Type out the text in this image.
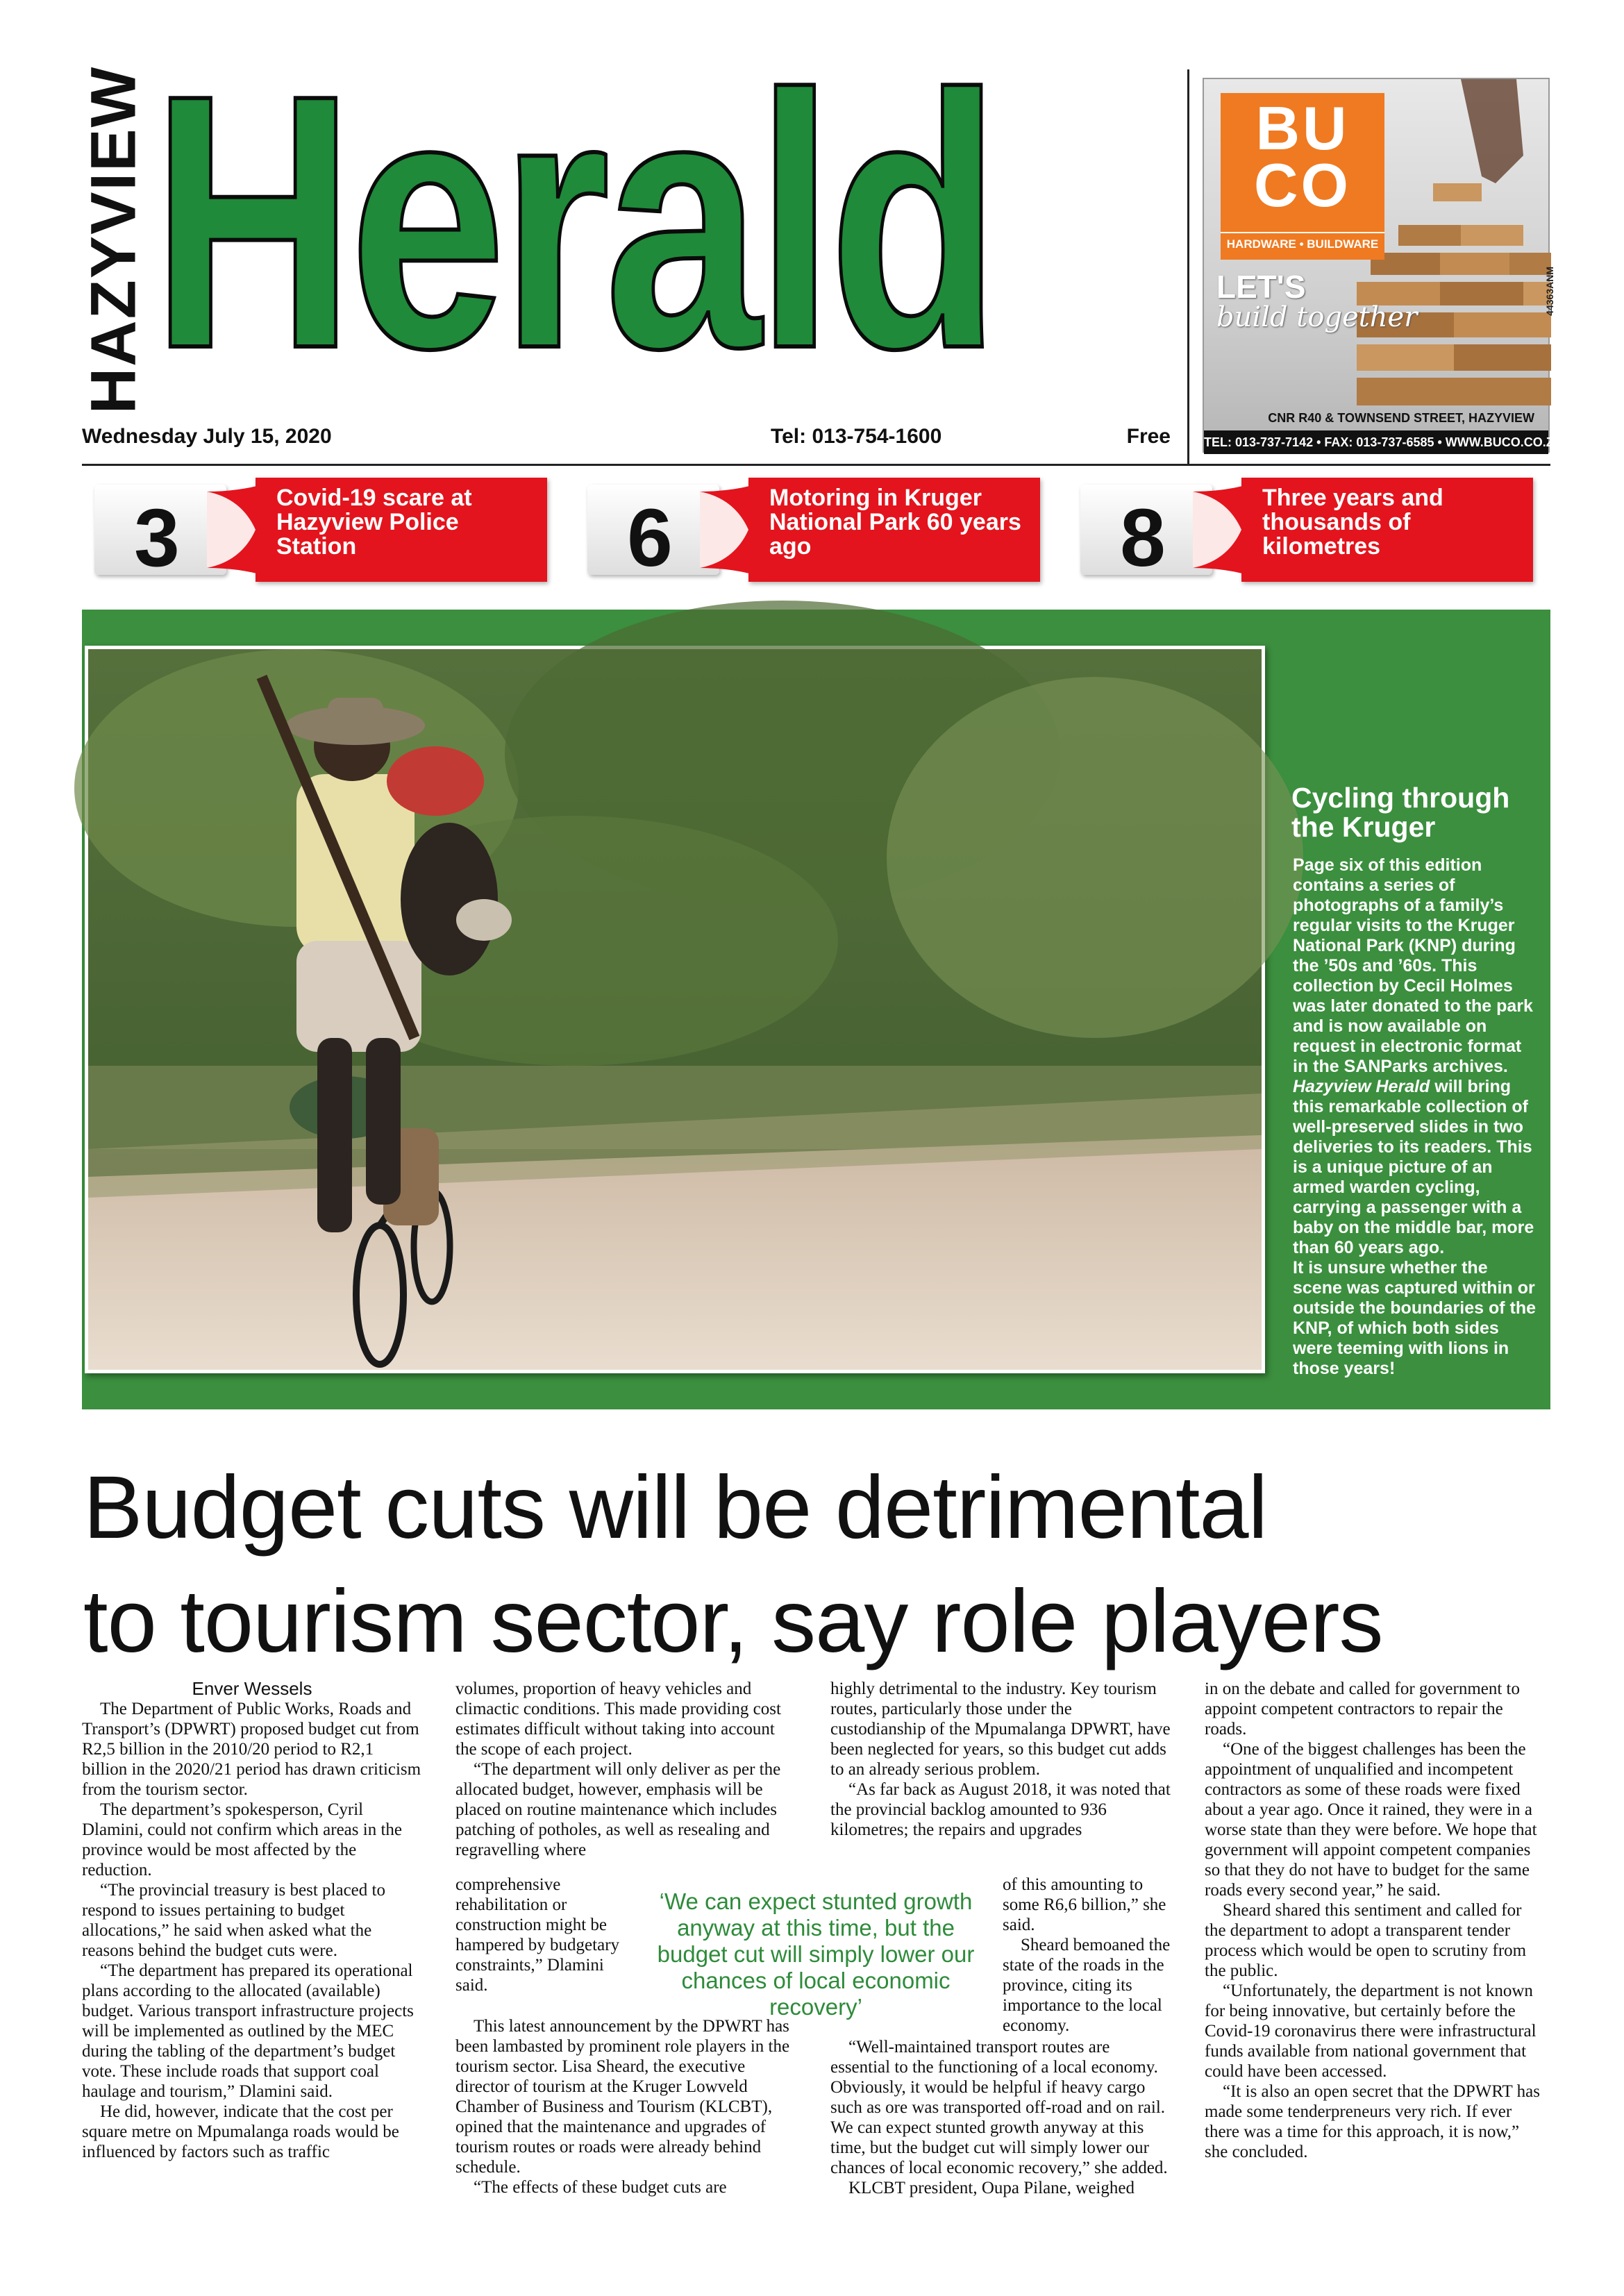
HAZYVIEW Herald
Wednesday July 15, 2020	Tel: 013-754-1600	Free
BU
CO
HARDWARE • BUILDWARE
LET'S
build together
44363ANM
CNR R40 & TOWNSEND STREET, HAZYVIEW
TEL: 013-737-7142 • FAX: 013-737-6585 • WWW.BUCO.CO.ZA
3	Covid-19 scare at Hazyview Police Station	6	Motoring in Kruger National Park 60 years ago	8	Three years and thousands of kilometres
Cycling through the Kruger
Page six of this edition contains a series of photographs of a family’s regular visits to the Kruger National Park (KNP) during the ’50s and ’60s. This collection by Cecil Holmes was later donated to the park and is now available on request in electronic format in the SANParks archives. Hazyview Herald will bring this remarkable collection of well-preserved slides in two deliveries to its readers. This is a unique picture of an armed warden cycling, carrying a passenger with a baby on the middle bar, more than 60 years ago.
It is unsure whether the scene was captured within or outside the boundaries of the KNP, of which both sides were teeming with lions in those years!
Budget cuts will be detrimental
to tourism sector, say role players

Enver Wessels

The Department of Public Works, Roads and Transport’s (DPWRT) proposed budget cut from R2,5 billion in the 2010/20 period to R2,1 billion in the 2020/21 period has drawn criticism from the tourism sector.

The department’s spokesperson, Cyril Dlamini, could not confirm which areas in the province would be most affected by the reduction.

“The provincial treasury is best placed to respond to issues pertaining to budget allocations,” he said when asked what the reasons behind the budget cuts were.

“The department has prepared its operational plans according to the allocated (available) budget. Various transport infrastructure projects will be implemented as outlined by the MEC during the tabling of the department’s budget vote. These include roads that support coal haulage and tourism,” Dlamini said.

He did, however, indicate that the cost per square metre on Mpumalanga roads would be influenced by factors such as traffic

volumes, proportion of heavy vehicles and climactic conditions. This made providing cost estimates difficult without taking into account the scope of each project.

“The department will only deliver as per the allocated budget, however, emphasis will be placed on routine maintenance which includes patching of potholes, as well as resealing and regravelling where

comprehensive rehabilitation or construction might be hampered by budgetary constraints,” Dlamini said.

This latest announcement by the DPWRT has been lambasted by prominent role players in the tourism sector. Lisa Sheard, the executive director of tourism at the Kruger Lowveld Chamber of Business and Tourism (KLCBT), opined that the maintenance and upgrades of tourism routes or roads were already behind schedule.

“The effects of these budget cuts are

‘We can expect stunted growth anyway at this time, but the budget cut will simply lower our chances of local economic recovery’

highly detrimental to the industry. Key tourism routes, particularly those under the custodianship of the Mpumalanga DPWRT, have been neglected for years, so this budget cut adds to an already serious problem.

“As far back as August 2018, it was noted that the provincial backlog amounted to 936 kilometres; the repairs and upgrades

of this amounting to some R6,6 billion,” she said.

Sheard bemoaned the state of the roads in the province, citing its importance to the local economy.

“Well-maintained transport routes are essential to the functioning of a local economy. Obviously, it would be helpful if heavy cargo such as ore was transported off-road and on rail. We can expect stunted growth anyway at this time, but the budget cut will simply lower our chances of local economic recovery,” she added.

KLCBT president, Oupa Pilane, weighed

in on the debate and called for government to appoint competent contractors to repair the roads.

“One of the biggest challenges has been the appointment of unqualified and incompetent contractors as some of these roads were fixed about a year ago. Once it rained, they were in a worse state than they were before. We hope that government will appoint competent companies so that they do not have to budget for the same roads every second year,” he said.

Sheard shared this sentiment and called for the department to adopt a transparent tender process which would be open to scrutiny from the public.

“Unfortunately, the department is not known for being innovative, but certainly before the Covid-19 coronavirus there were infrastructural funds available from national government that could have been accessed.

“It is also an open secret that the DPWRT has made some tenderpreneurs very rich. If ever there was a time for this approach, it is now,” she concluded.
